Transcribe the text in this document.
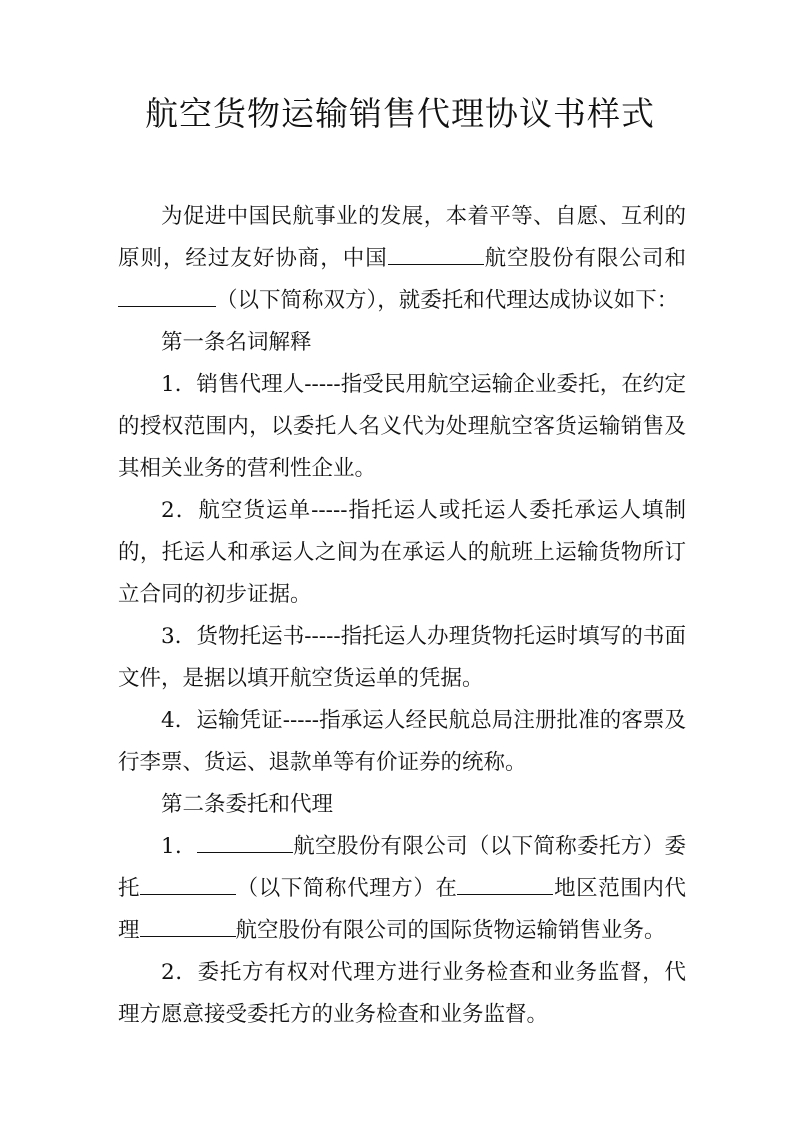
航空货物运输销售代理协议书样式

为促进中国民航事业的发展，本着平等、自愿、互利的原则，经过友好协商，中国	航空股份有限公司和（以下简称双方），就委托和代理达成协议如下：

第一条名词解释

1．销售代理人-----指受民用航空运输企业委托，在约定的授权范围内，以委托人名义代为处理航空客货运输销售及其相关业务的营利性企业。

2．航空货运单-----指托运人或托运人委托承运人填制的，托运人和承运人之间为在承运人的航班上运输货物所订立合同的初步证据。

3．货物托运书-----指托运人办理货物托运时填写的书面文件，是据以填开航空货运单的凭据。

4．运输凭证-----指承运人经民航总局注册批准的客票及行李票、货运、退款单等有价证券的统称。

第二条委托和代理

1．	航空股份有限公司（以下简称委托方）委托	（以下简称代理方）在	地区范围内代理	航空股份有限公司的国际货物运输销售业务。

2．委托方有权对代理方进行业务检查和业务监督，代理方愿意接受委托方的业务检查和业务监督。
